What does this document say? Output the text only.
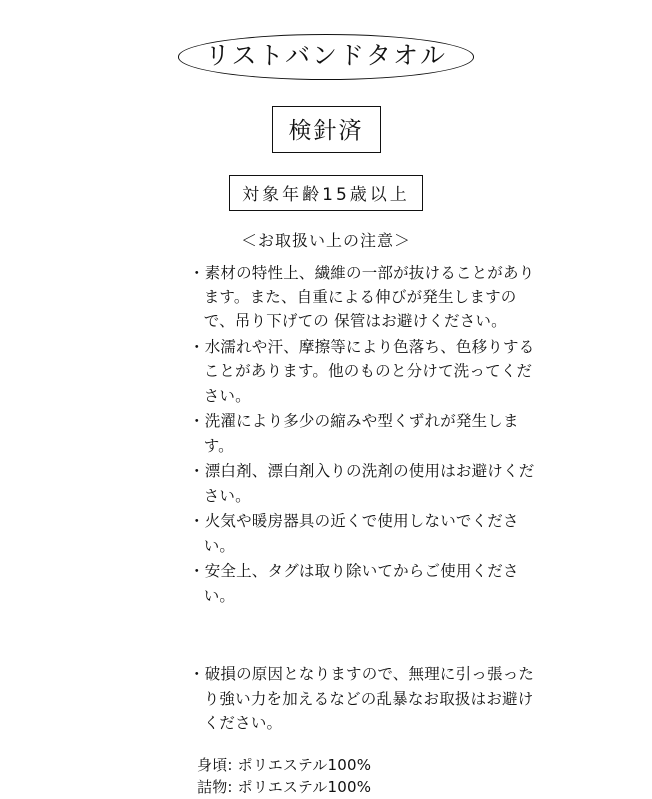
リストバンドタオル
検針済
対象年齢15歳以上
＜お取扱い上の注意＞
・素材の特性上、繊維の一部が抜けることがあります。また、自重による伸びが発生しますので、吊り下げての 保管はお避けください。
・水濡れや汗、摩擦等により色落ち、色移りすることがあります。他のものと分けて洗ってください。
・洗濯により多少の縮みや型くずれが発生します。
・漂白剤、漂白剤入りの洗剤の使用はお避けください。
・火気や暖房器具の近くで使用しないでください。
・安全上、タグは取り除いてからご使用ください。
・破損の原因となりますので、無理に引っ張ったり強い力を加えるなどの乱暴なお取扱はお避けください。
身頃: ポリエステル100%
詰物: ポリエステル100%
